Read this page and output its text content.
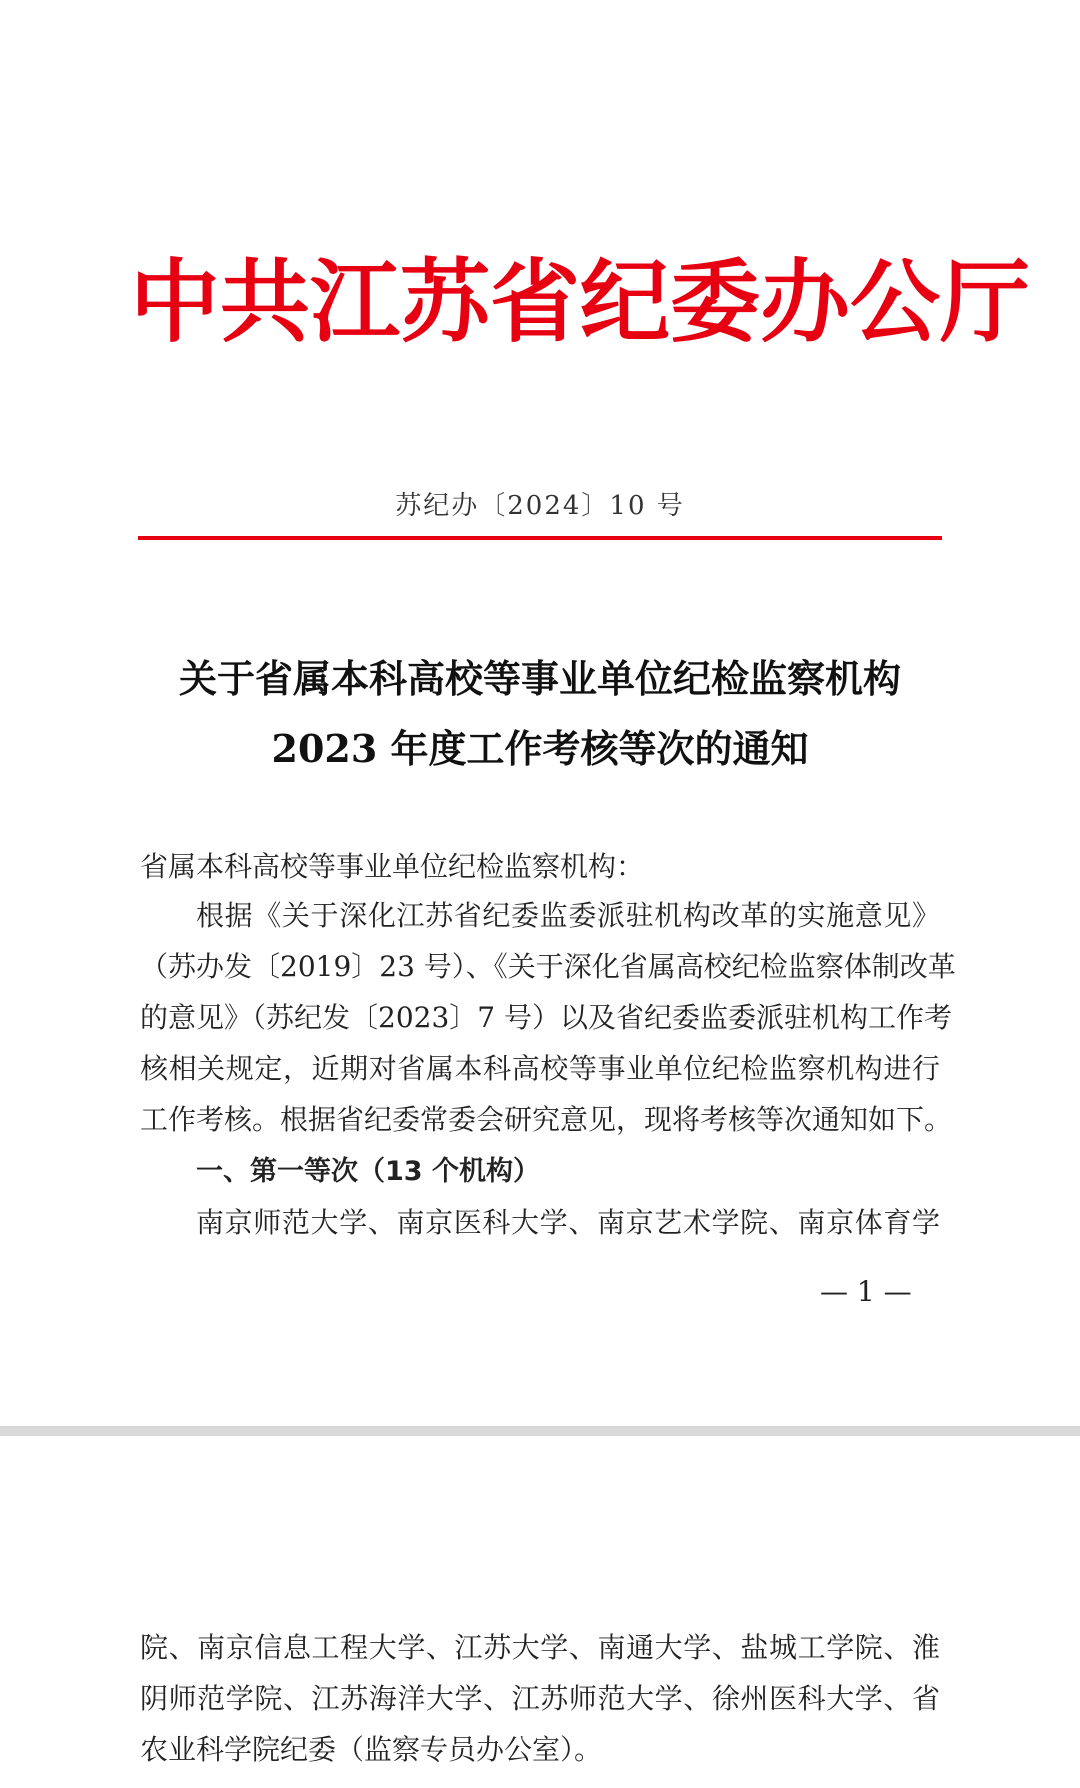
中共江苏省纪委办公厅
苏纪办〔2024〕10 号
关于省属本科高校等事业单位纪检监察机构
2023 年度工作考核等次的通知
省属本科高校等事业单位纪检监察机构：
根据《关于深化江苏省纪委监委派驻机构改革的实施意见》
（苏办发〔2019〕23 号）、《关于深化省属高校纪检监察体制改革
的意见》（苏纪发〔2023〕7 号）以及省纪委监委派驻机构工作考
核相关规定，近期对省属本科高校等事业单位纪检监察机构进行
工作考核。根据省纪委常委会研究意见，现将考核等次通知如下。
一、第一等次（13 个机构）
南京师范大学、南京医科大学、南京艺术学院、南京体育学
— 1 —
院、南京信息工程大学、江苏大学、南通大学、盐城工学院、淮
阴师范学院、江苏海洋大学、江苏师范大学、徐州医科大学、省
农业科学院纪委（监察专员办公室）。
